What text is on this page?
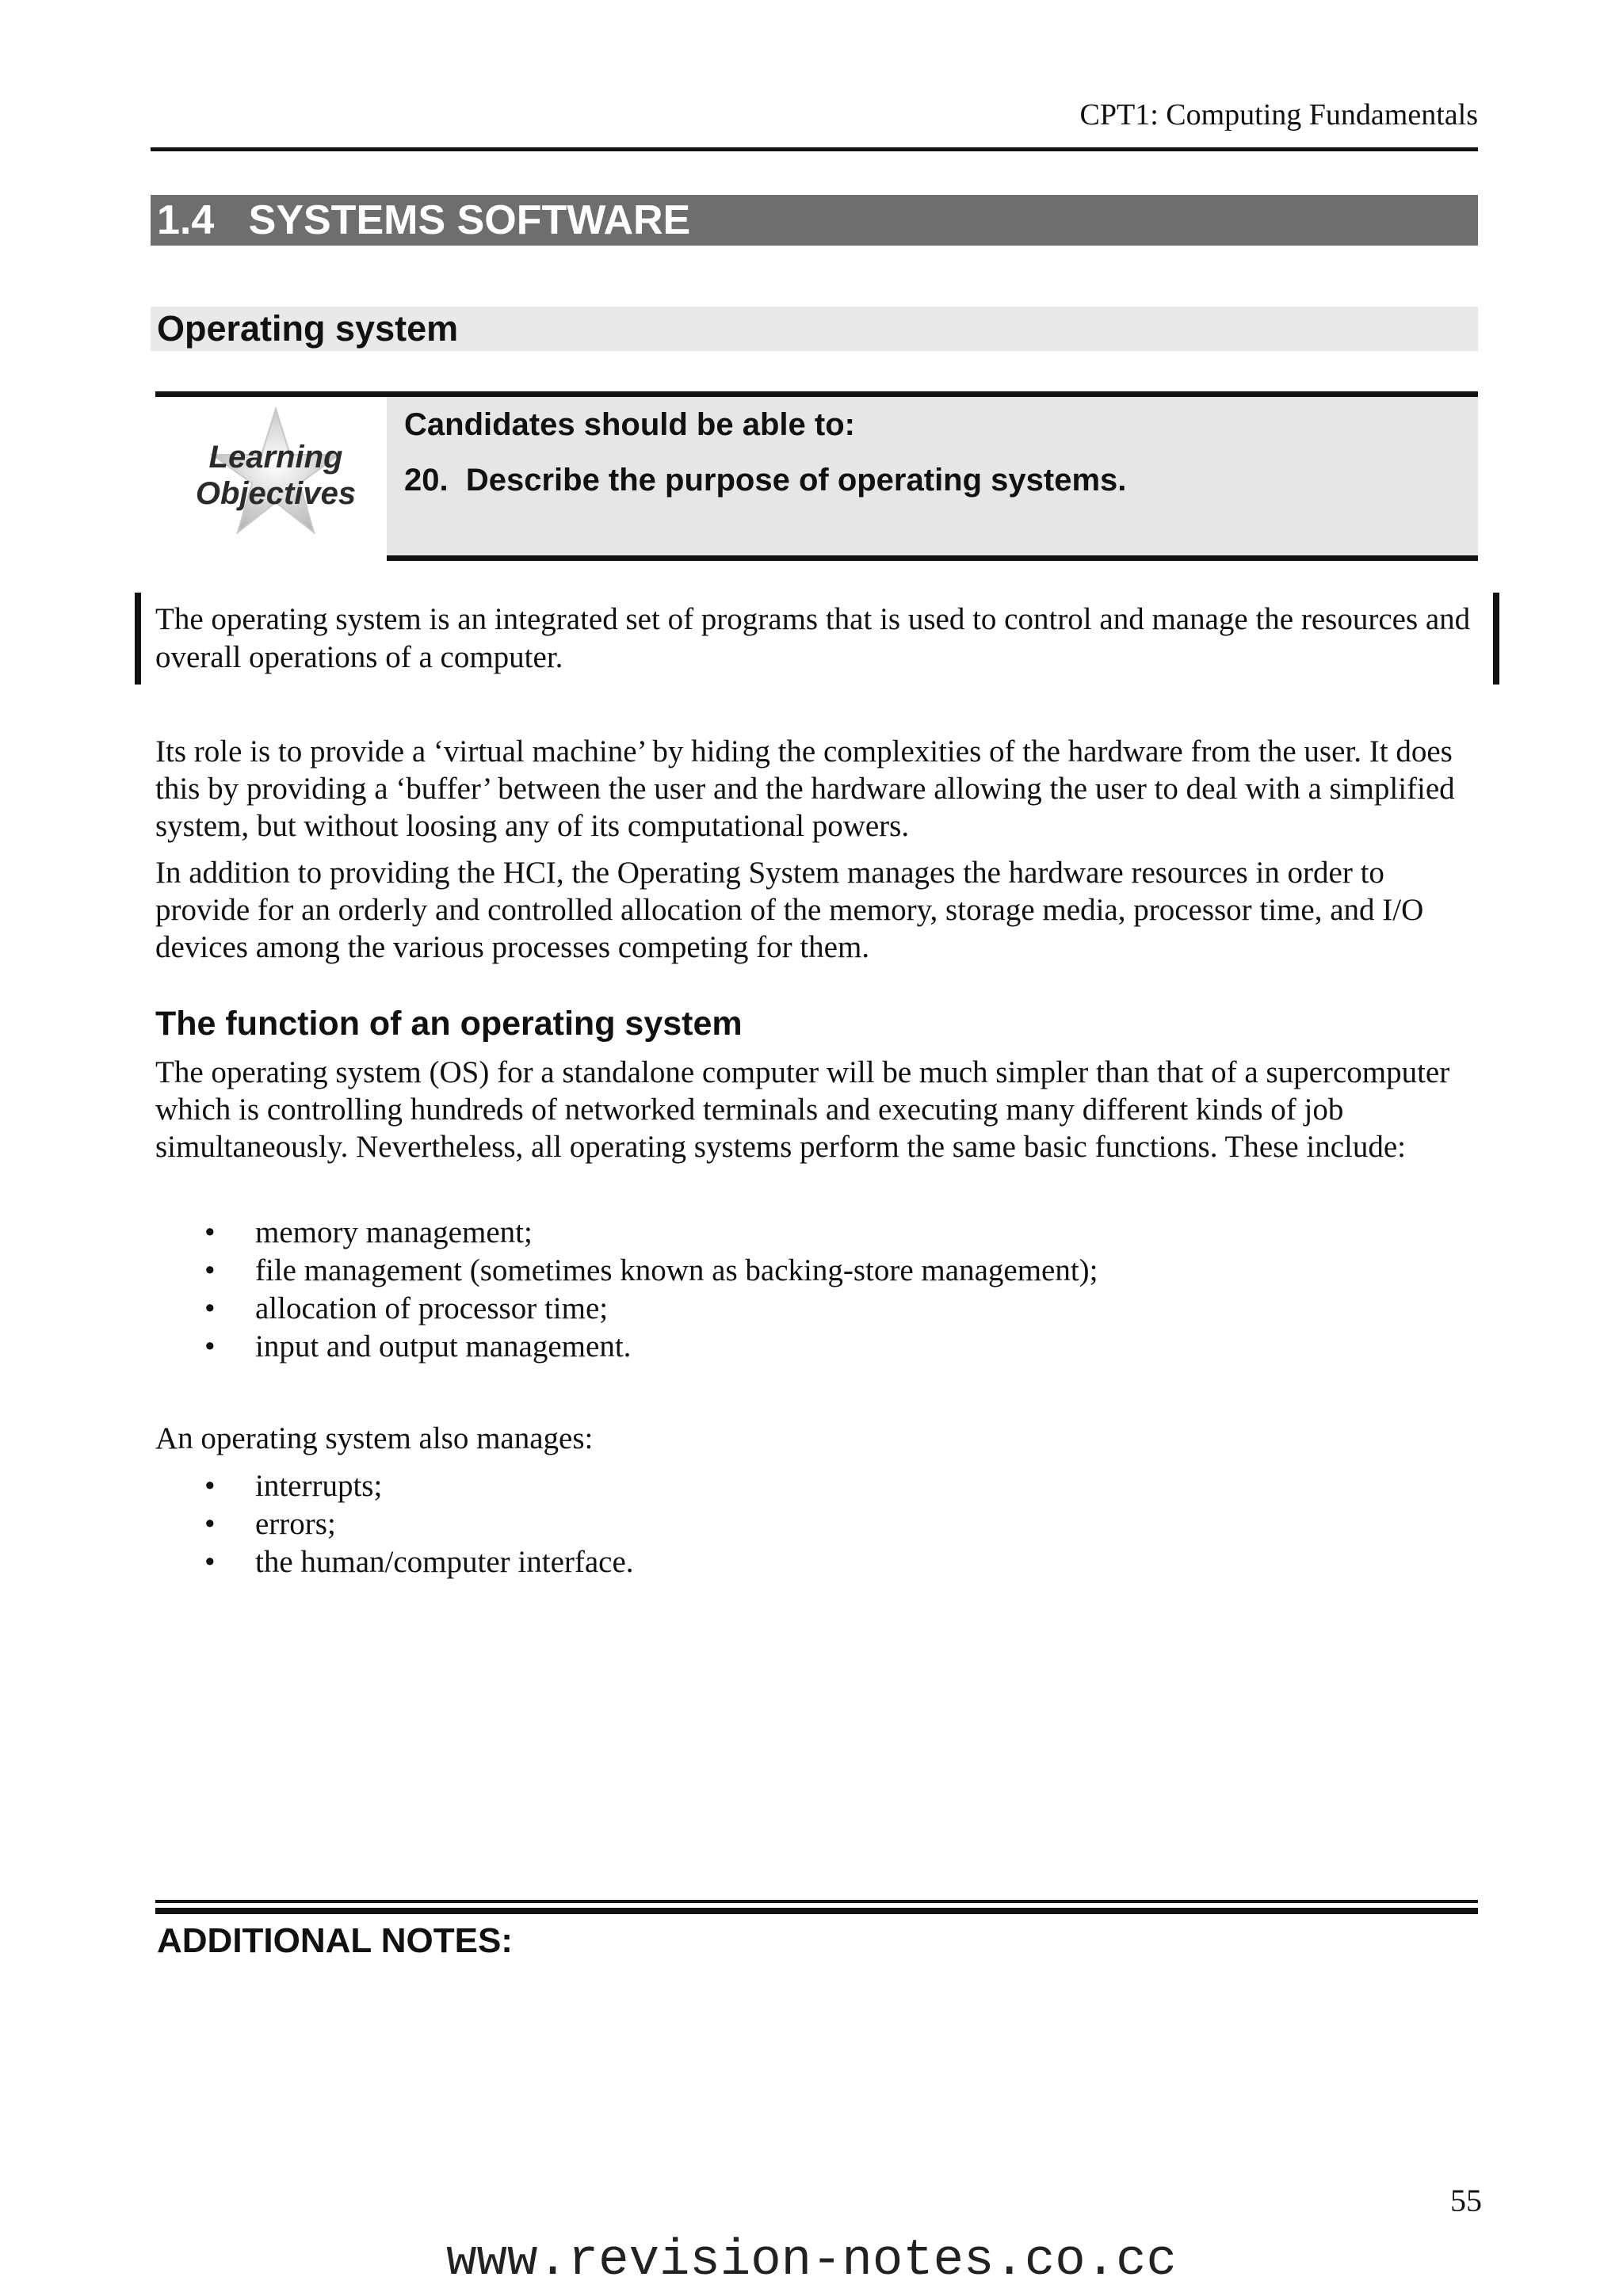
CPT1: Computing Fundamentals
1.4   SYSTEMS SOFTWARE
Operating system
Learning
Objectives
Candidates should be able to:
20.  Describe the purpose of operating systems.
The operating system is an integrated set of programs that is used to control and manage the resources and overall operations of a computer.
Its role is to provide a ‘virtual machine’ by hiding the complexities of the hardware from the user. It does this by providing a ‘buffer’ between the user and the hardware allowing the user to deal with a simplified system, but without loosing any of its computational powers.
In addition to providing the HCI, the Operating System manages the hardware resources in order to provide for an orderly and controlled allocation of the memory, storage media, processor time, and I/O devices among the various processes competing for them.
The function of an operating system
The operating system (OS) for a standalone computer will be much simpler than that of a supercomputer which is controlling hundreds of networked terminals and executing many different kinds of job simultaneously. Nevertheless, all operating systems perform the same basic functions. These include:
• memory management;
• file management (sometimes known as backing-store management);
• allocation of processor time;
• input and output management.
An operating system also manages:
• interrupts;
• errors;
• the human/computer interface.
ADDITIONAL NOTES:
55
www.revision-notes.co.cc
